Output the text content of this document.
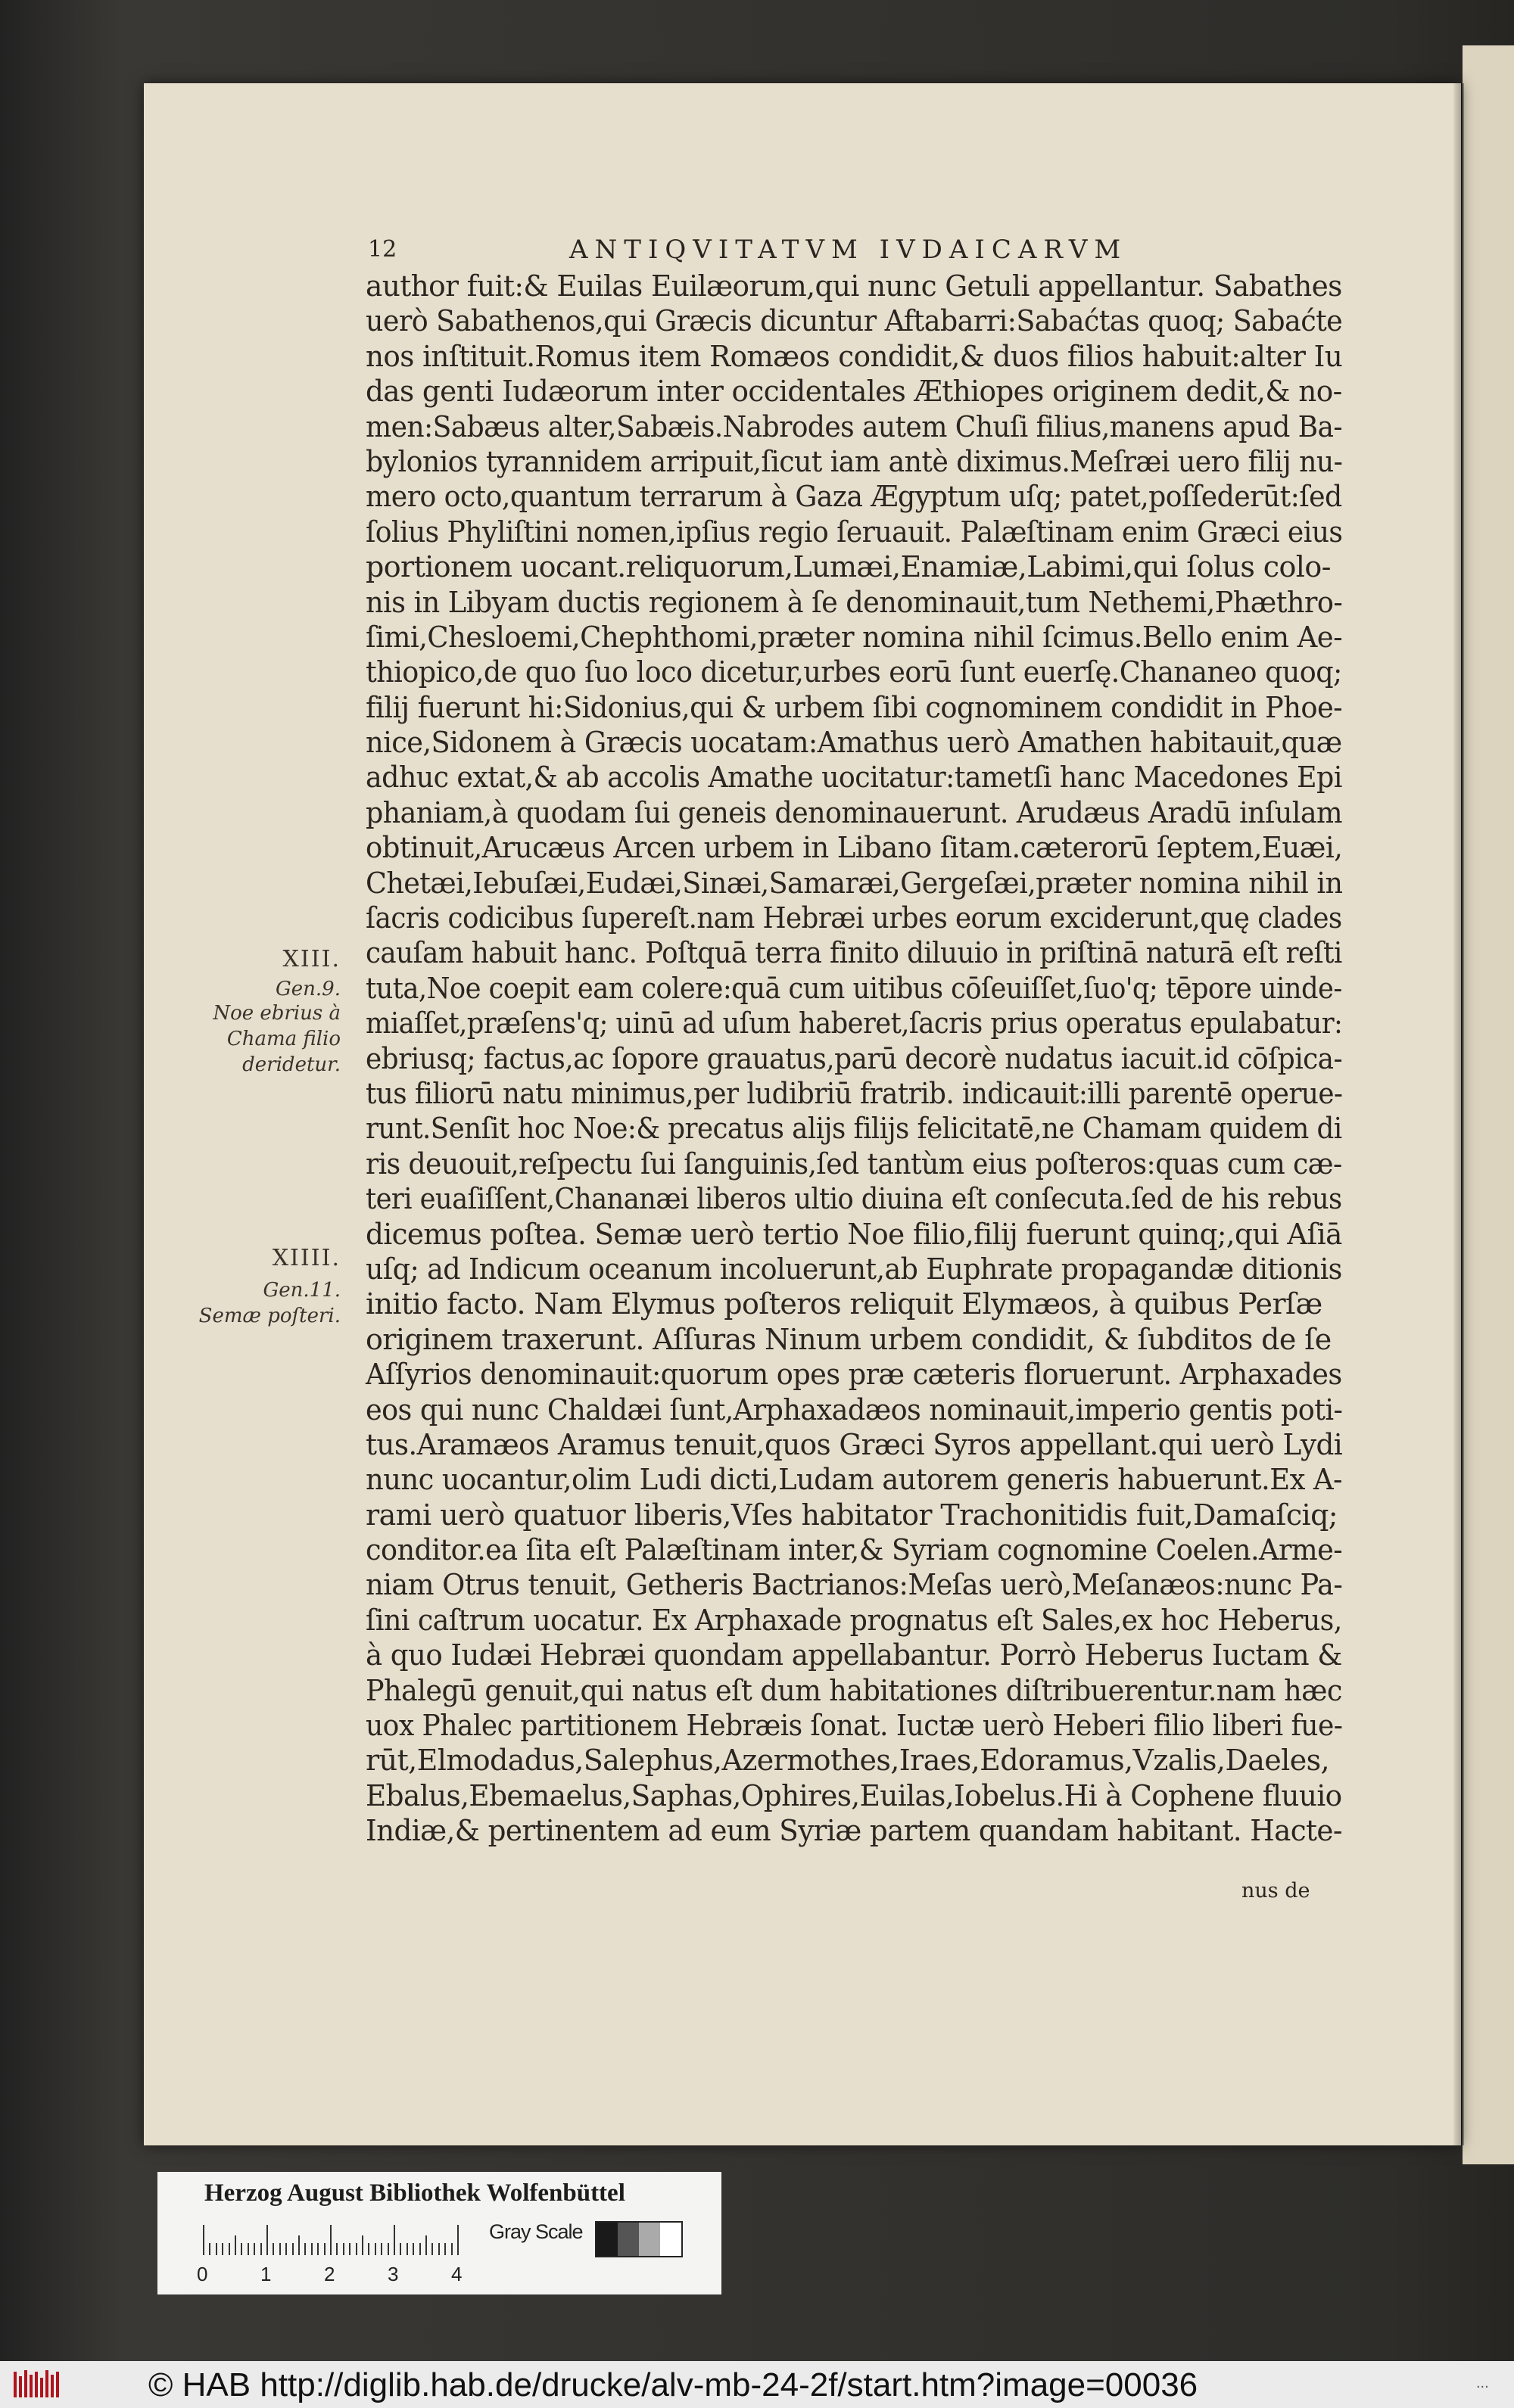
12	ANTIQVITATVM IVDAICARVM
author fuit:& Euilas Euilæorum,qui nunc Getuli appellantur. Sabathes
uerò Sabathenos,qui Græcis dicuntur Aftabarri:Sabaćtas quoq; Sabaćte
nos inſtituit.Romus item Romæos condidit,& duos filios habuit:alter Iu
das genti Iudæorum inter occidentales Æthiopes originem dedit,& no-
men:Sabæus alter,Sabæis.Nabrodes autem Chuſi filius,manens apud Ba-
bylonios tyrannidem arripuit,ſicut iam antè diximus.Meſræi uero filij nu-
mero octo,quantum terrarum à Gaza Ægyptum uſq; patet,poſſederūt:ſed
ſolius Phyliſtini nomen,ipſius regio ſeruauit. Palæſtinam enim Græci eius
portionem uocant.reliquorum,Lumæi,Enamiæ,Labimi,qui ſolus colo-
nis in Libyam ductis regionem à ſe denominauit,tum Nethemi,Phæthro-
ſimi,Chesloemi,Chephthomi,præter nomina nihil ſcimus.Bello enim Ae-
thiopico,de quo ſuo loco dicetur,urbes eorū ſunt euerſę.Chananeo quoq;
filij fuerunt hi:Sidonius,qui & urbem ſibi cognominem condidit in Phoe-
nice,Sidonem à Græcis uocatam:Amathus uerò Amathen habitauit,quæ
adhuc extat,& ab accolis Amathe uocitatur:tametſi hanc Macedones Epi
phaniam,à quodam ſui geneis denominauerunt. Arudæus Aradū inſulam
obtinuit,Arucæus Arcen urbem in Libano ſitam.cæterorū ſeptem,Euæi,
Chetæi,Iebuſæi,Eudæi,Sinæi,Samaræi,Gergeſæi,præter nomina nihil in
ſacris codicibus ſupereſt.nam Hebræi urbes eorum exciderunt,quę clades
cauſam habuit hanc. Poſtquā terra finito diluuio in priſtinā naturā eſt reſti
tuta,Noe coepit eam colere:quā cum uitibus cōſeuiſſet,ſuo'q; tēpore uinde-
miaſſet,præſens'q; uinū ad uſum haberet,ſacris prius operatus epulabatur:
ebriusq; factus,ac ſopore grauatus,parū decorè nudatus iacuit.id cōſpica-
tus filiorū natu minimus,per ludibriū fratrib. indicauit:illi parentē operue-
runt.Senſit hoc Noe:& precatus alijs filijs felicitatē,ne Chamam quidem di
ris deuouit,reſpectu ſui ſanguinis,ſed tantùm eius poſteros:quas cum cæ-
teri euaſiſſent,Chananæi liberos ultio diuina eſt conſecuta.ſed de his rebus
dicemus poſtea. Semæ uerò tertio Noe filio,filij fuerunt quinq;,qui Aſiā
uſq; ad Indicum oceanum incoluerunt,ab Euphrate propagandæ ditionis
initio facto. Nam Elymus poſteros reliquit Elymæos, à quibus Perſæ
originem traxerunt. Aſſuras Ninum urbem condidit, & ſubditos de ſe
Aſſyrios denominauit:quorum opes præ cæteris floruerunt. Arphaxades
eos qui nunc Chaldæi ſunt,Arphaxadæos nominauit,imperio gentis poti-
tus.Aramæos Aramus tenuit,quos Græci Syros appellant.qui uerò Lydi
nunc uocantur,olim Ludi dicti,Ludam autorem generis habuerunt.Ex A-
rami uerò quatuor liberis,Vſes habitator Trachonitidis fuit,Damaſciq;
conditor.ea ſita eſt Palæſtinam inter,& Syriam cognomine Coelen.Arme-
niam Otrus tenuit, Getheris Bactrianos:Meſas uerò,Meſanæos:nunc Pa-
ſini caſtrum uocatur. Ex Arphaxade prognatus eſt Sales,ex hoc Heberus,
à quo Iudæi Hebræi quondam appellabantur. Porrò Heberus Iuctam &
Phalegū genuit,qui natus eſt dum habitationes diſtribuerentur.nam hæc
uox Phalec partitionem Hebræis ſonat. Iuctæ uerò Heberi filio liberi fue-
rūt,Elmodadus,Salephus,Azermothes,Iraes,Edoramus,Vzalis,Daeles,
Ebalus,Ebemaelus,Saphas,Ophires,Euilas,Iobelus.Hi à Cophene fluuio
Indiæ,& pertinentem ad eum Syriæ partem quandam habitant. Hacte-
nus de
XIII.
Gen.9.
Noe ebrius à
Chama filio
deridetur.
XIIII.
Gen.11.
Semæ poſteri.
Herzog August Bibliothek Wolfenbüttel
Gray Scale
0	1	2	3	4
© HAB http://diglib.hab.de/drucke/alv-mb-24-2f/start.htm?image=00036	...
